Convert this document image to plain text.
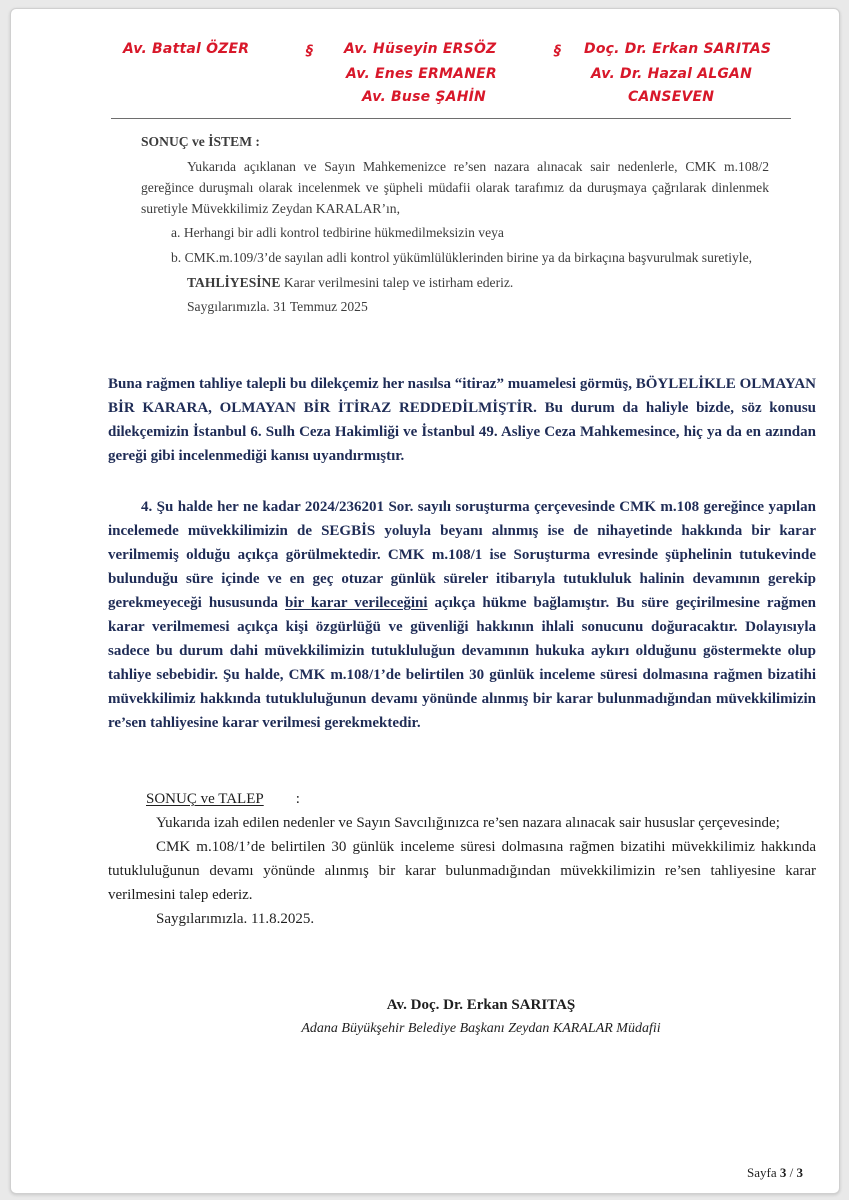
Av. Battal ÖZER	§ Av. Hüseyin ERSÖZ
Av. Enes ERMANER
Av. Buse ŞAHİN
§ Doç. Dr. Erkan SARITAS
Av. Dr. Hazal ALGAN
CANSEVEN

SONUÇ ve İSTEM :

Yukarıda açıklanan ve Sayın Mahkemenizce re’sen nazara alınacak sair nedenlerle, CMK m.108/2 gereğince duruşmalı olarak incelenmek ve şüpheli müdafii olarak tarafımız da duruşmaya çağrılarak dinlenmek suretiyle Müvekkilimiz Zeydan KARALAR’ın,

a. Herhangi bir adli kontrol tedbirine hükmedilmeksizin veya

b. CMK.m.109/3’de sayılan adli kontrol yükümlülüklerinden birine ya da birkaçına başvurulmak suretiyle,

TAHLİYESİNE Karar verilmesini talep ve istirham ederiz.

Saygılarımızla. 31 Temmuz 2025

Buna rağmen tahliye talepli bu dilekçemiz her nasılsa “itiraz” muamelesi görmüş, BÖYLELİKLE OLMAYAN BİR KARARA, OLMAYAN BİR İTİRAZ REDDEDİLMİŞTİR. Bu durum da haliyle bizde, söz konusu dilekçemizin İstanbul 6. Sulh Ceza Hakimliği ve İstanbul 49. Asliye Ceza Mahkemesince, hiç ya da en azından gereği gibi incelenmediği kanısı uyandırmıştır.

4. Şu halde her ne kadar 2024/236201 Sor. sayılı soruşturma çerçevesinde CMK m.108 gereğince yapılan incelemede müvekkilimizin de SEGBİS yoluyla beyanı alınmış ise de nihayetinde hakkında bir karar verilmemiş olduğu açıkça görülmektedir. CMK m.108/1 ise Soruşturma evresinde şüphelinin tutukevinde bulunduğu süre içinde ve en geç otuzar günlük süreler itibarıyla tutukluluk halinin devamının gerekip gerekmeyeceği hususunda bir karar verileceğini açıkça hükme bağlamıştır. Bu süre geçirilmesine rağmen karar verilmemesi açıkça kişi özgürlüğü ve güvenliği hakkının ihlali sonucunu doğuracaktır. Dolayısıyla sadece bu durum dahi müvekkilimizin tutukluluğun devamının hukuka aykırı olduğunu göstermekte olup tahliye sebebidir. Şu halde, CMK m.108/1’de belirtilen 30 günlük inceleme süresi dolmasına rağmen bizatihi müvekkilimiz hakkında tutukluluğunun devamı yönünde alınmış bir karar bulunmadığından müvekkilimizin re’sen tahliyesine karar verilmesi gerekmektedir.

SONUÇ ve TALEP :

Yukarıda izah edilen nedenler ve Sayın Savcılığınızca re’sen nazara alınacak sair hususlar çerçevesinde;

CMK m.108/1’de belirtilen 30 günlük inceleme süresi dolmasına rağmen bizatihi müvekkilimiz hakkında tutukluluğunun devamı yönünde alınmış bir karar bulunmadığından müvekkilimizin re’sen tahliyesine karar verilmesini talep ederiz.

Saygılarımızla. 11.8.2025.

Av. Doç. Dr. Erkan SARITAŞ
Adana Büyükşehir Belediye Başkanı Zeydan KARALAR Müdafii
Sayfa 3 / 3
